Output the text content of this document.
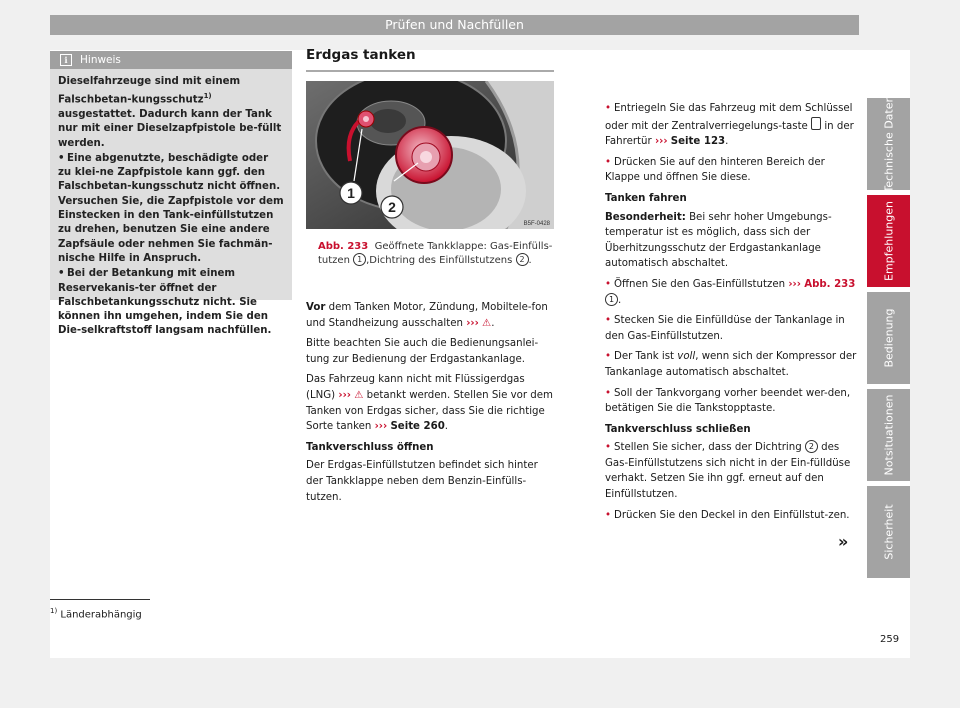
Prüfen und Nachfüllen
i	Hinweis

Dieselfahrzeuge sind mit einem Falschbetan-kungsschutz$^{1)}$ ausgestattet. Dadurch kann der Tank nur mit einer Dieselzapfpistole be-füllt werden.

• Eine abgenutzte, beschädigte oder zu klei-ne Zapfpistole kann ggf. den Falschbetan-kungsschutz nicht öffnen. Versuchen Sie, die Zapfpistole vor dem Einstecken in den Tank-einfüllstutzen zu drehen, benutzen Sie eine andere Zapfsäule oder nehmen Sie fachmän-nische Hilfe in Anspruch.

• Bei der Betankung mit einem Reservekanis-ter öffnet der Falschbetankungsschutz nicht. Sie können ihn umgehen, indem Sie den Die-selkraftstoff langsam nachfüllen.

Erdgas tanken
1
2
B5F-0428
Abb. 233 Geöffnete Tankklappe: Gas-Einfülls-tutzen 1 ,Dichtring des Einfüllstutzens 2 .

Vor dem Tanken Motor, Zündung, Mobiltele-fon und Standheizung ausschalten ››› ⚠.

Bitte beachten Sie auch die Bedienungsanlei-tung zur Bedienung der Erdgastankanlage.

Das Fahrzeug kann nicht mit Flüssigerdgas (LNG) ››› ⚠ betankt werden. Stellen Sie vor dem Tanken von Erdgas sicher, dass Sie die richtige Sorte tanken ››› Seite 260.

Tankverschluss öffnen

Der Erdgas-Einfüllstutzen befindet sich hinter der Tankklappe neben dem Benzin-Einfülls-tutzen.

• Entriegeln Sie das Fahrzeug mit dem Schlüssel oder mit der Zentralverriegelungs-taste  in der Fahrertür ››› Seite 123.

• Drücken Sie auf den hinteren Bereich der Klappe und öffnen Sie diese.

Tanken fahren

Besonderheit: Bei sehr hoher Umgebungs-temperatur ist es möglich, dass sich der Überhitzungsschutz der Erdgastankanlage automatisch abschaltet.

• Öffnen Sie den Gas-Einfüllstutzen ››› Abb. 233 1 .

• Stecken Sie die Einfülldüse der Tankanlage in den Gas-Einfüllstutzen.

• Der Tank ist voll, wenn sich der Kompressor der Tankanlage automatisch abschaltet.

• Soll der Tankvorgang vorher beendet wer-den, betätigen Sie die Tankstopptaste.

Tankverschluss schließen

• Stellen Sie sicher, dass der Dichtring 2 des Gas-Einfüllstutzens sich nicht in der Ein-fülldüse verhakt. Setzen Sie ihn ggf. erneut auf den Einfüllstutzen.

• Drücken Sie den Deckel in den Einfüllstut-zen.

»
Technische Daten
Empfehlungen
Bedienung
Notsituationen
Sicherheit
$^{1)}$ Länderabhängig
259
